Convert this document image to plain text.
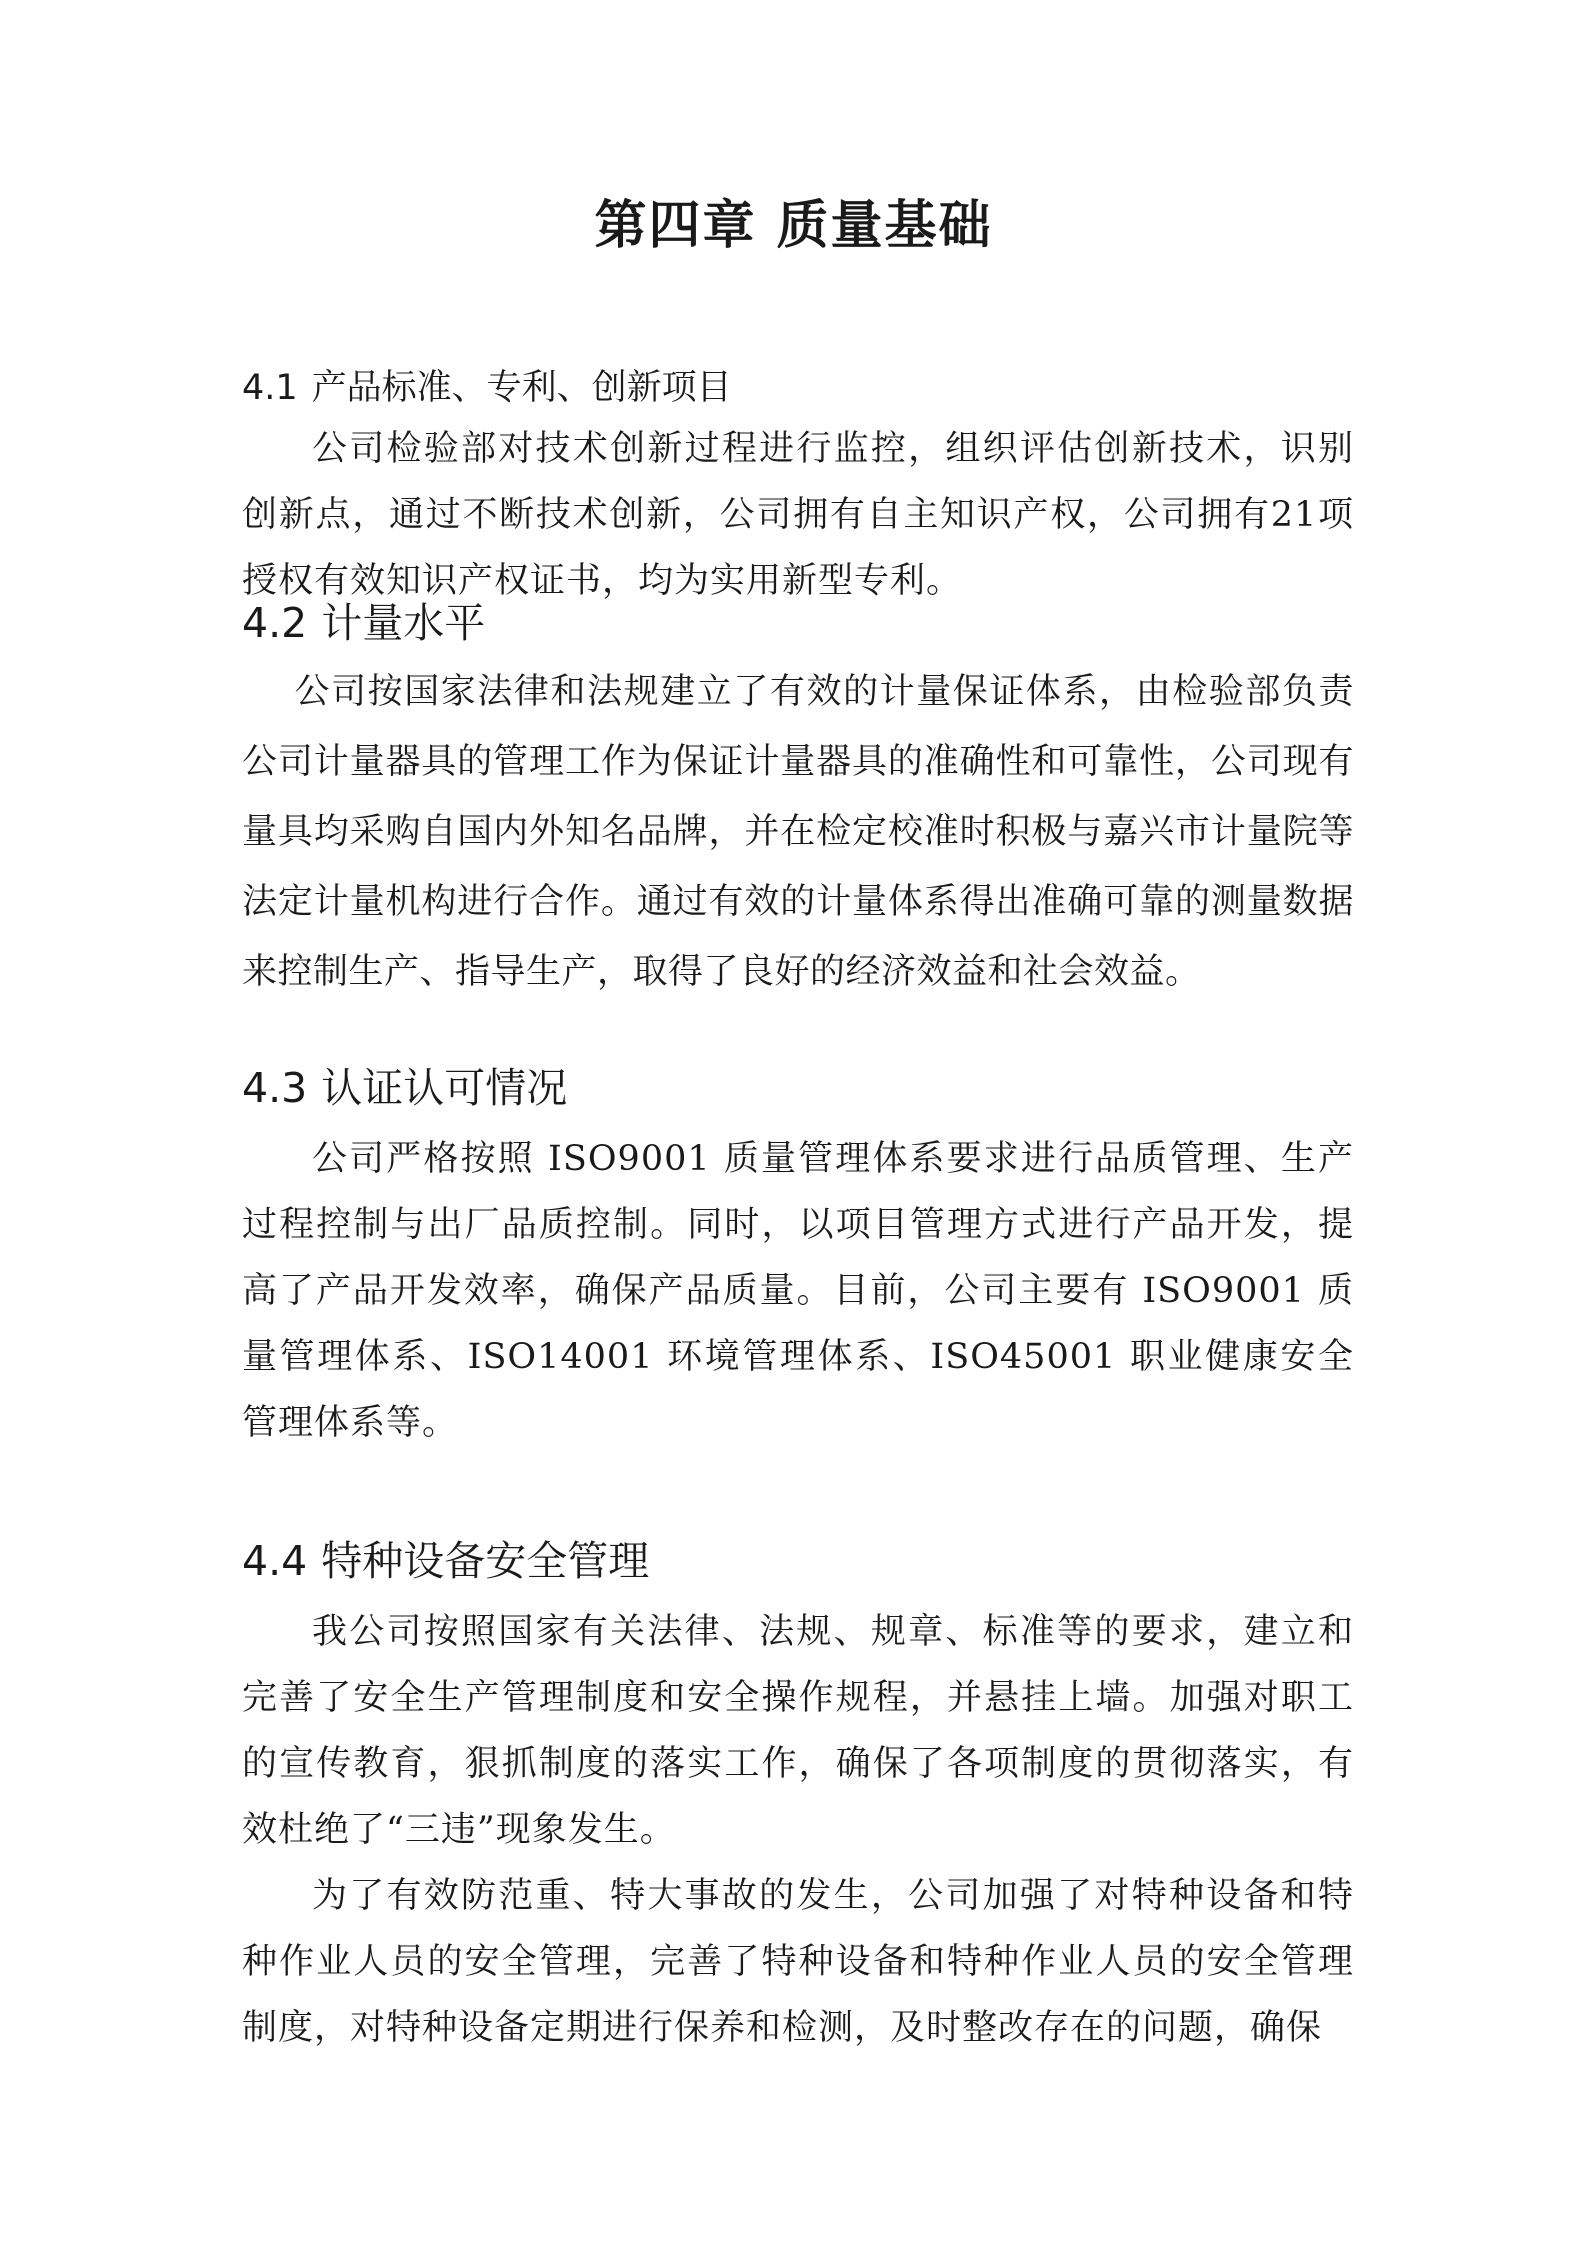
第四章 质量基础
4.1 产品标准、专利、创新项目

公司检验部对技术创新过程进行监控，组织评估创新技术，识别创新点，通过不断技术创新，公司拥有自主知识产权，公司拥有21项授权有效知识产权证书，均为实用新型专利。

4.2 计量水平

公司按国家法律和法规建立了有效的计量保证体系，由检验部负责公司计量器具的管理工作为保证计量器具的准确性和可靠性，公司现有量具均采购自国内外知名品牌，并在检定校准时积极与嘉兴市计量院等法定计量机构进行合作。通过有效的计量体系得出准确可靠的测量数据来控制生产、指导生产，取得了良好的经济效益和社会效益。

4.3 认证认可情况

公司严格按照 ISO9001 质量管理体系要求进行品质管理、生产过程控制与出厂品质控制。同时，以项目管理方式进行产品开发，提高了产品开发效率，确保产品质量。目前，公司主要有 ISO9001 质量管理体系、ISO14001 环境管理体系、ISO45001 职业健康安全管理体系等。

4.4 特种设备安全管理

我公司按照国家有关法律、法规、规章、标准等的要求，建立和完善了安全生产管理制度和安全操作规程，并悬挂上墙。加强对职工的宣传教育，狠抓制度的落实工作，确保了各项制度的贯彻落实，有效杜绝了“三违”现象发生。

为了有效防范重、特大事故的发生，公司加强了对特种设备和特种作业人员的安全管理，完善了特种设备和特种作业人员的安全管理制度，对特种设备定期进行保养和检测，及时整改存在的问题，确保
